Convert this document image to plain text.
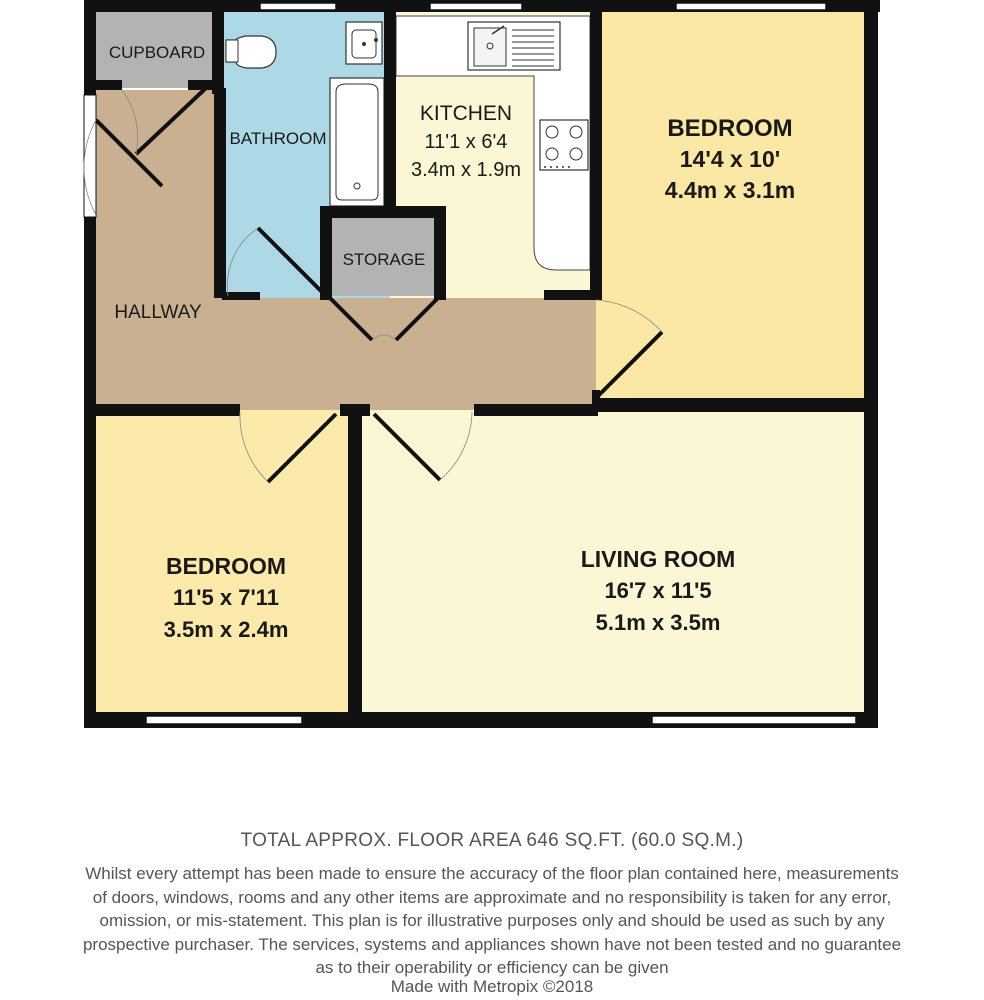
CUPBOARD
BATHROOM
KITCHEN
11'1 x 6'4
3.4m x 1.9m
BEDROOM
14'4 x 10'
4.4m x 3.1m
STORAGE
HALLWAY
BEDROOM
11'5 x 7'11
3.5m x 2.4m
LIVING ROOM
16'7 x 11'5
5.1m x 3.5m
TOTAL APPROX. FLOOR AREA 646 SQ.FT. (60.0 SQ.M.)
Whilst every attempt has been made to ensure the accuracy of the floor plan contained here, measurements
of doors, windows, rooms and any other items are approximate and no responsibility is taken for any error,
omission, or mis-statement. This plan is for illustrative purposes only and should be used as such by any
prospective purchaser. The services, systems and appliances shown have not been tested and no guarantee
as to their operability or efficiency can be given
Made with Metropix ©2018
